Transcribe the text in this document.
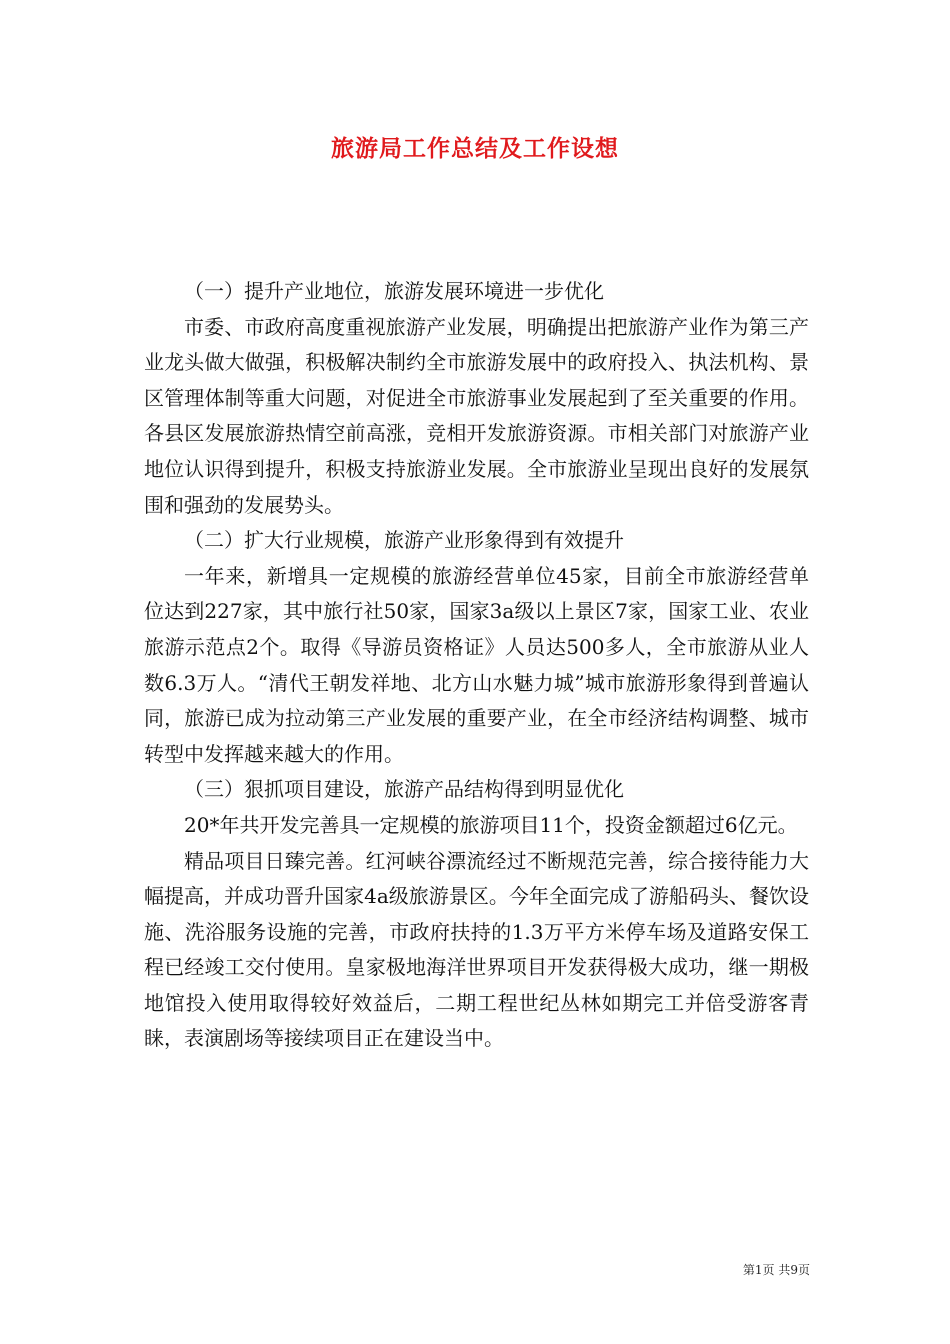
旅游局工作总结及工作设想

（一）提升产业地位，旅游发展环境进一步优化

市委、市政府高度重视旅游产业发展，明确提出把旅游产业作为第三产业龙头做大做强，积极解决制约全市旅游发展中的政府投入、执法机构、景区管理体制等重大问题，对促进全市旅游事业发展起到了至关重要的作用。各县区发展旅游热情空前高涨，竞相开发旅游资源。市相关部门对旅游产业地位认识得到提升，积极支持旅游业发展。全市旅游业呈现出良好的发展氛围和强劲的发展势头。

（二）扩大行业规模，旅游产业形象得到有效提升

一年来，新增具一定规模的旅游经营单位45家，目前全市旅游经营单位达到227家，其中旅行社50家，国家3a级以上景区7家，国家工业、农业旅游示范点2个。取得《导游员资格证》人员达500多人，全市旅游从业人数6.3万人。“清代王朝发祥地、北方山水魅力城”城市旅游形象得到普遍认同，旅游已成为拉动第三产业发展的重要产业，在全市经济结构调整、城市转型中发挥越来越大的作用。

（三）狠抓项目建设，旅游产品结构得到明显优化

20*年共开发完善具一定规模的旅游项目11个，投资金额超过6亿元。

精品项目日臻完善。红河峡谷漂流经过不断规范完善，综合接待能力大幅提高，并成功晋升国家4a级旅游景区。今年全面完成了游船码头、餐饮设施、洗浴服务设施的完善，市政府扶持的1.3万平方米停车场及道路安保工程已经竣工交付使用。皇家极地海洋世界项目开发获得极大成功，继一期极地馆投入使用取得较好效益后，二期工程世纪丛林如期完工并倍受游客青睐，表演剧场等接续项目正在建设当中。

第1页 共9页
